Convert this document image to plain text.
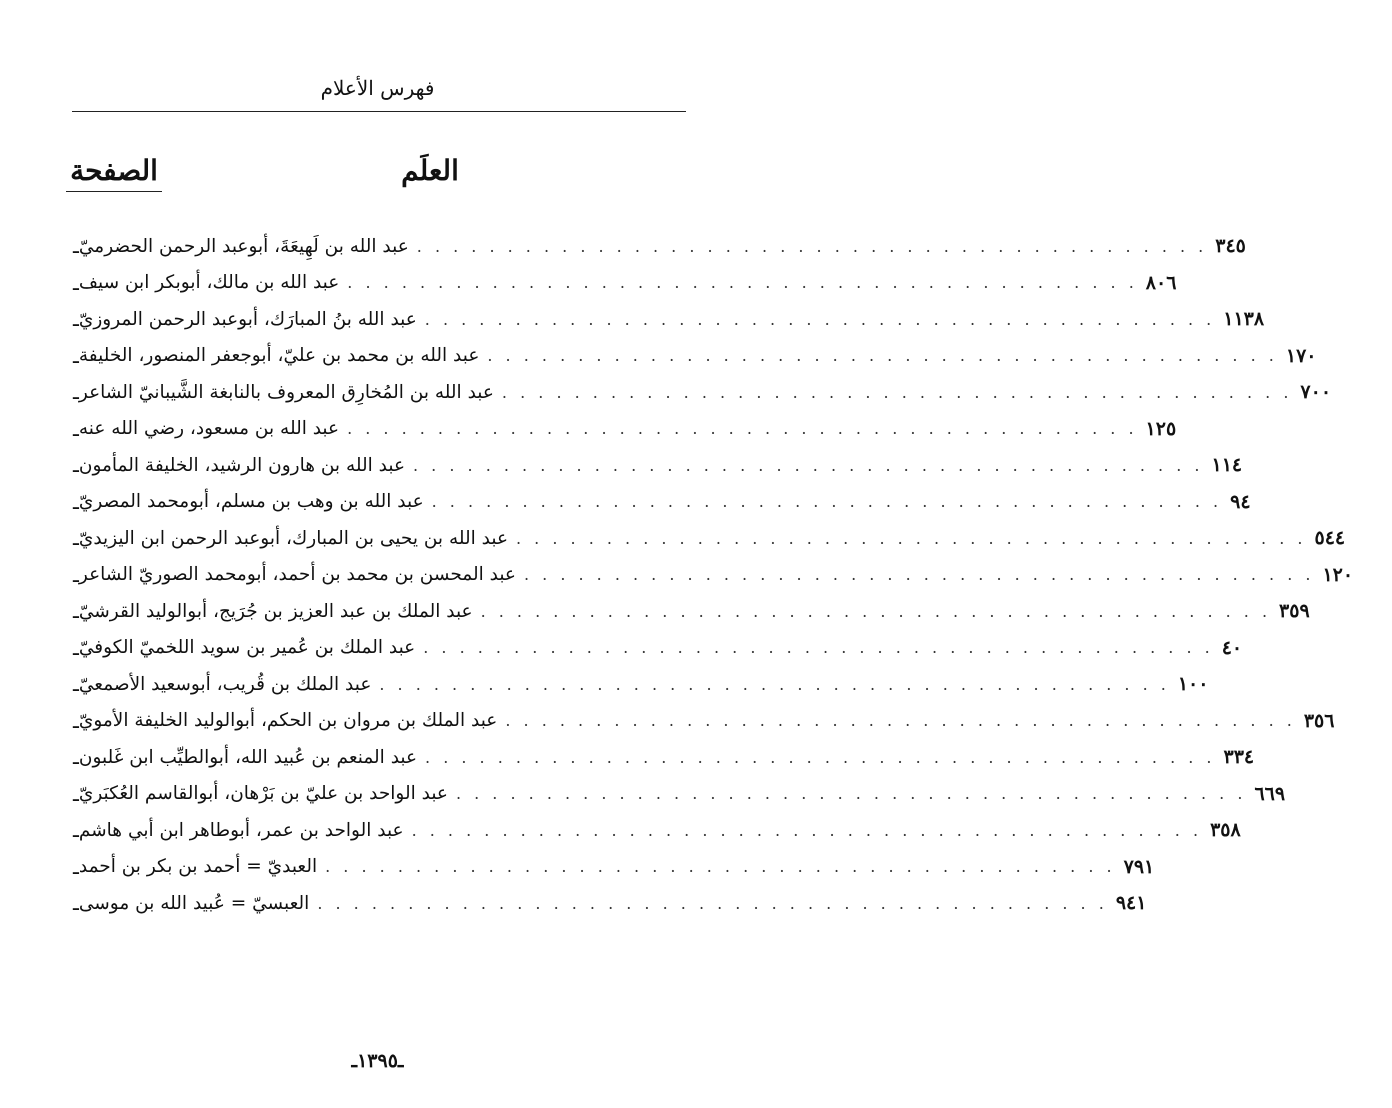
فهرس الأعلام
العلَم
الصفحة
ـ عبد الله بن لَهِيعَةَ، أبوعبد الرحمن الحضرميّ . . . . . . . . . . . . . . . . . . . . . . . . . . . . . . . . . . . . . . . . . . . . ٣٤٥
ـ عبد الله بن مالك، أبوبكر ابن سيف . . . . . . . . . . . . . . . . . . . . . . . . . . . . . . . . . . . . . . . . . . . . ٨٠٦
ـ عبد الله بنُ المبارَك، أبوعبد الرحمن المروزيّ . . . . . . . . . . . . . . . . . . . . . . . . . . . . . . . . . . . . . . . . . . . . ١١٣٨
ـ عبد الله بن محمد بن عليّ، أبوجعفر المنصور، الخليفة . . . . . . . . . . . . . . . . . . . . . . . . . . . . . . . . . . . . . . . . . . . . ١٧٠
ـ عبد الله بن المُخارِق المعروف بالنابغة الشَّيبانيّ الشاعر . . . . . . . . . . . . . . . . . . . . . . . . . . . . . . . . . . . . . . . . . . . . ٧٠٠
ـ عبد الله بن مسعود، رضي الله عنه . . . . . . . . . . . . . . . . . . . . . . . . . . . . . . . . . . . . . . . . . . . . ١٢٥
ـ عبد الله بن هارون الرشيد، الخليفة المأمون . . . . . . . . . . . . . . . . . . . . . . . . . . . . . . . . . . . . . . . . . . . . ١١٤
ـ عبد الله بن وهب بن مسلم، أبومحمد المصريّ . . . . . . . . . . . . . . . . . . . . . . . . . . . . . . . . . . . . . . . . . . . . ٩٤
ـ عبد الله بن يحيى بن المبارك، أبوعبد الرحمن ابن اليزيديّ . . . . . . . . . . . . . . . . . . . . . . . . . . . . . . . . . . . . . . . . . . . . ٥٤٤
ـ عبد المحسن بن محمد بن أحمد، أبومحمد الصوريّ الشاعر . . . . . . . . . . . . . . . . . . . . . . . . . . . . . . . . . . . . . . . . . . . . ١٢٠
ـ عبد الملك بن عبد العزيز بن جُرَيج، أبوالوليد القرشيّ . . . . . . . . . . . . . . . . . . . . . . . . . . . . . . . . . . . . . . . . . . . . ٣٥٩
ـ عبد الملك بن عُمير بن سويد اللخميّ الكوفيّ . . . . . . . . . . . . . . . . . . . . . . . . . . . . . . . . . . . . . . . . . . . . ٤٠
ـ عبد الملك بن قُريب، أبوسعيد الأصمعيّ . . . . . . . . . . . . . . . . . . . . . . . . . . . . . . . . . . . . . . . . . . . . ١٠٠
ـ عبد الملك بن مروان بن الحكم، أبوالوليد الخليفة الأمويّ . . . . . . . . . . . . . . . . . . . . . . . . . . . . . . . . . . . . . . . . . . . . ٣٥٦
ـ عبد المنعم بن عُبيد الله، أبوالطيِّب ابن غَلبون . . . . . . . . . . . . . . . . . . . . . . . . . . . . . . . . . . . . . . . . . . . . ٣٣٤
ـ عبد الواحد بن عليّ بن بَرْهان، أبوالقاسم العُكبَريّ . . . . . . . . . . . . . . . . . . . . . . . . . . . . . . . . . . . . . . . . . . . . ٦٦٩
ـ عبد الواحد بن عمر، أبوطاهر ابن أبي هاشم . . . . . . . . . . . . . . . . . . . . . . . . . . . . . . . . . . . . . . . . . . . . ٣٥٨
ـ العبديّ = أحمد بن بكر بن أحمد . . . . . . . . . . . . . . . . . . . . . . . . . . . . . . . . . . . . . . . . . . . . ٧٩١
ـ العبسيّ = عُبيد الله بن موسى . . . . . . . . . . . . . . . . . . . . . . . . . . . . . . . . . . . . . . . . . . . . ٩٤١
ـ١٣٩٥ـ
